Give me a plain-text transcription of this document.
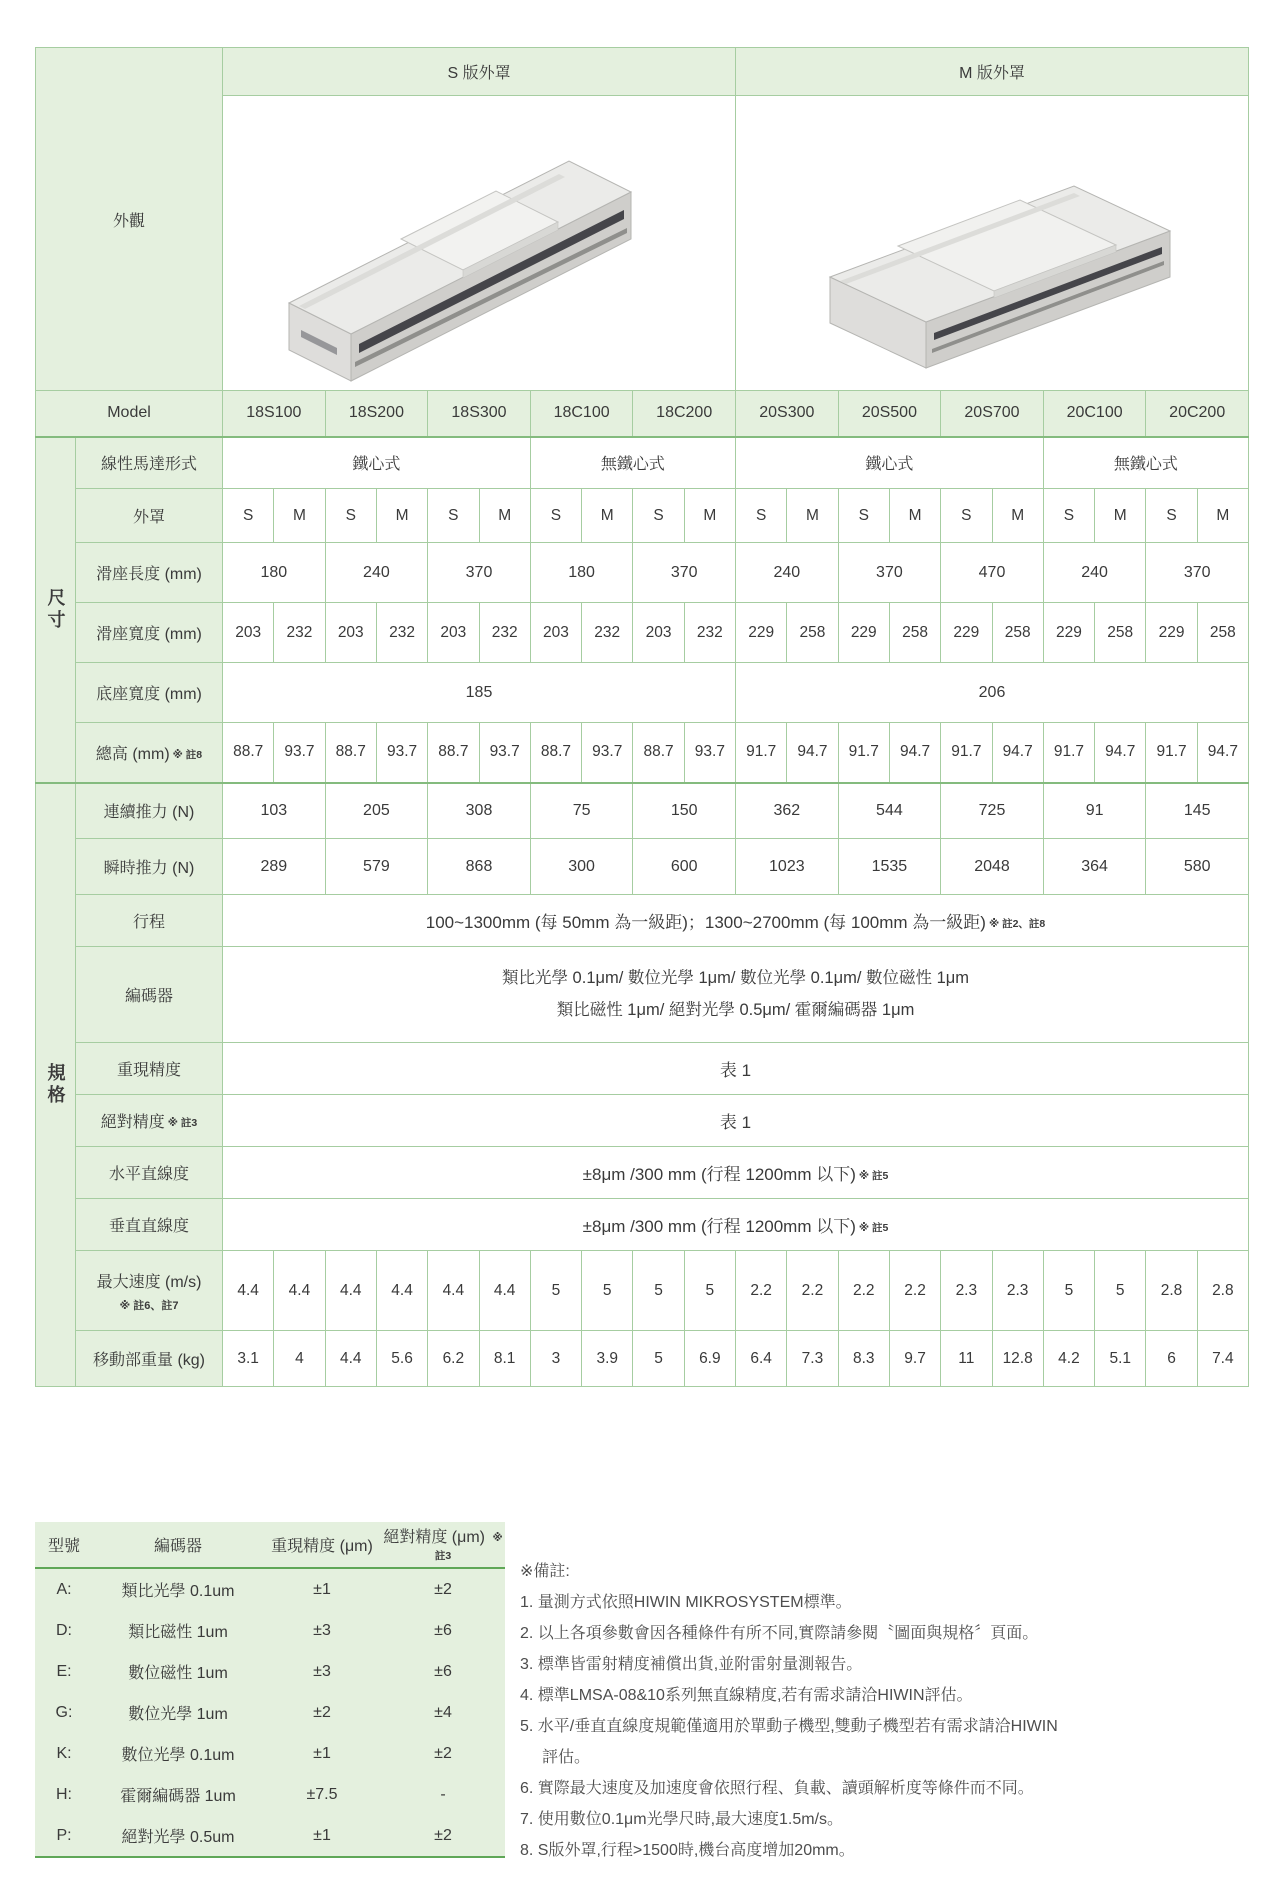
外觀		S 版外罩										M 版外罩									

Model		18S100		18S200		18S300		18C100		18C200		20S300		20S500		20S700		20C100		20C200	

尺寸	線性馬達形式	鐵心式						無鐵心式				鐵心式						無鐵心式			
	外罩	S	M	S	M	S	M	S	M	S	M	S	M	S	M	S	M	S	M	S	M
	滑座長度 (mm)	180		240		370		180		370		240		370		470		240		370	
	滑座寬度 (mm)	203	232	203	232	203	232	203	232	203	232	229	258	229	258	229	258	229	258	229	258
	底座寬度 (mm)	185										206									
	總高 (mm) ※ 註8	88.7	93.7	88.7	93.7	88.7	93.7	88.7	93.7	88.7	93.7	91.7	94.7	91.7	94.7	91.7	94.7	91.7	94.7	91.7	94.7

規格	連續推力 (N)	103		205		308		75		150		362		544		725		91		145	
	瞬時推力 (N)	289		579		868		300		600		1023		1535		2048		364		580	
	行程	100~1300mm (每 50mm 為一級距)；1300~2700mm (每 100mm 為一級距) ※ 註2、註8																			
	編碼器	類比光學 0.1μm/ 數位光學 1μm/ 數位光學 0.1μm/ 數位磁性 1μm
類比磁性 1μm/ 絕對光學 0.5μm/ 霍爾編碼器 1μm																			

	重現精度	表 1																			
	絕對精度 ※ 註3	表 1																			
	水平直線度	±8μm /300 mm (行程 1200mm 以下) ※ 註5																			
	垂直直線度	±8μm /300 mm (行程 1200mm 以下) ※ 註5																			
	最大速度 (m/s)
※ 註6、註7	4.4	4.4	4.4	4.4	4.4	4.4	5	5	5	5	2.2	2.2	2.2	2.2	2.3	2.3	5	5	2.8	2.8
	移動部重量 (kg)	3.1	4	4.4	5.6	6.2	8.1	3	3.9	5	6.9	6.4	7.3	8.3	9.7	11	12.8	4.2	5.1	6	7.4
型號	編碼器	重現精度 (μm)	絕對精度 (μm) ※ 註3
A:	類比光學 0.1um	±1	±2
D:	類比磁性 1um	±3	±6
E:	數位磁性 1um	±3	±6
G:	數位光學 1um	±2	±4
K:	數位光學 0.1um	±1	±2
H:	霍爾編碼器 1um	±7.5	-
P:	絕對光學 0.5um	±1	±2
※備註:
1. 量測方式依照HIWIN MIKROSYSTEM標準。
2. 以上各項參數會因各種條件有所不同,實際請參閱〝圖面與規格〞頁面。
3. 標準皆雷射精度補償出貨,並附雷射量測報告。
4. 標準LMSA-08&10系列無直線精度,若有需求請洽HIWIN評估。
5. 水平/垂直直線度規範僅適用於單動子機型,雙動子機型若有需求請洽HIWIN評估。
6. 實際最大速度及加速度會依照行程、負載、讀頭解析度等條件而不同。
7. 使用數位0.1μm光學尺時,最大速度1.5m/s。
8. S版外罩,行程>1500時,機台高度增加20mm。
